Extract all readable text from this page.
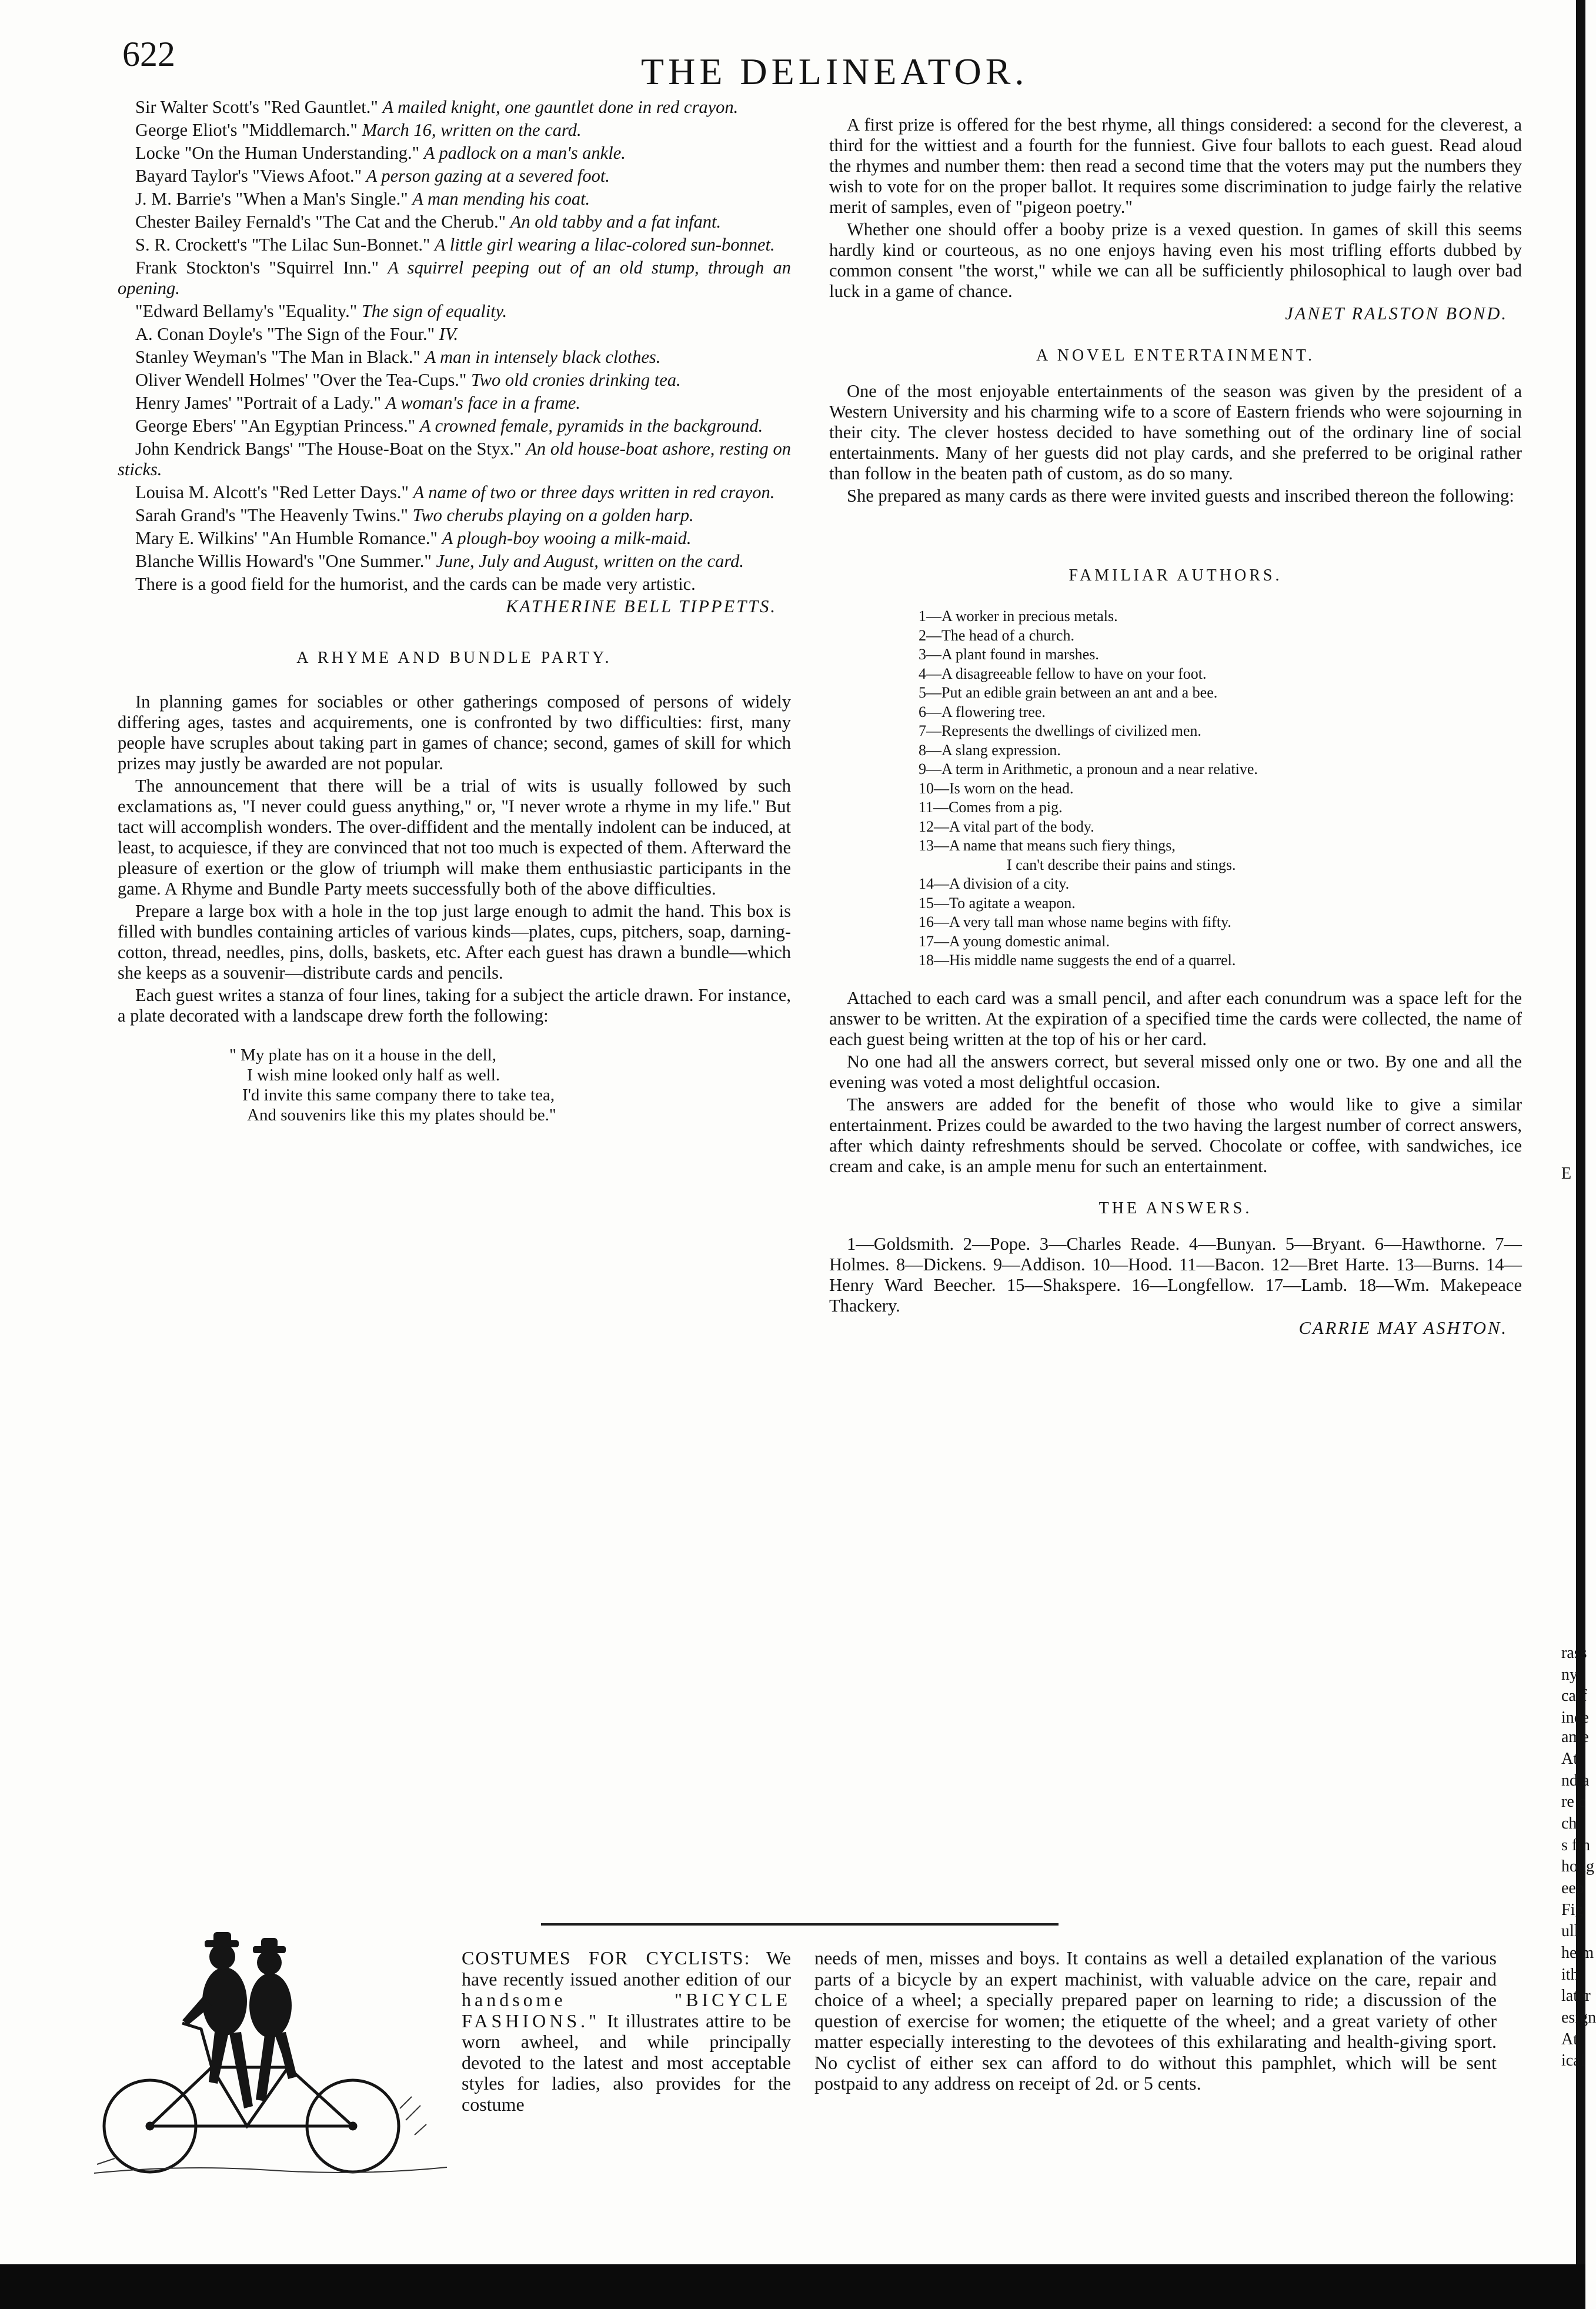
622	THE DELINEATOR.

Sir Walter Scott's "Red Gauntlet." A mailed knight, one gauntlet done in red crayon.

George Eliot's "Middlemarch." March 16, written on the card.

Locke "On the Human Understanding." A padlock on a man's ankle.

Bayard Taylor's "Views Afoot." A person gazing at a severed foot.

J. M. Barrie's "When a Man's Single." A man mending his coat.

Chester Bailey Fernald's "The Cat and the Cherub." An old tabby and a fat infant.

S. R. Crockett's "The Lilac Sun-Bonnet." A little girl wearing a lilac-colored sun-bonnet.

Frank Stockton's "Squirrel Inn." A squirrel peeping out of an old stump, through an opening.

"Edward Bellamy's "Equality." The sign of equality.

A. Conan Doyle's "The Sign of the Four." IV.

Stanley Weyman's "The Man in Black." A man in intensely black clothes.

Oliver Wendell Holmes' "Over the Tea-Cups." Two old cronies drinking tea.

Henry James' "Portrait of a Lady." A woman's face in a frame.

George Ebers' "An Egyptian Princess." A crowned female, pyramids in the background.

John Kendrick Bangs' "The House-Boat on the Styx." An old house-boat ashore, resting on sticks.

Louisa M. Alcott's "Red Letter Days." A name of two or three days written in red crayon.

Sarah Grand's "The Heavenly Twins." Two cherubs playing on a golden harp.

Mary E. Wilkins' "An Humble Romance." A plough-boy wooing a milk-maid.

Blanche Willis Howard's "One Summer." June, July and August, written on the card.

There is a good field for the humorist, and the cards can be made very artistic.

KATHERINE BELL TIPPETTS.
A RHYME AND BUNDLE PARTY.

In planning games for sociables or other gatherings composed of persons of widely differing ages, tastes and acquirements, one is confronted by two difficulties: first, many people have scruples about taking part in games of chance; second, games of skill for which prizes may justly be awarded are not popular.

The announcement that there will be a trial of wits is usually followed by such exclamations as, "I never could guess anything," or, "I never wrote a rhyme in my life." But tact will accomplish wonders. The over-diffident and the mentally indolent can be induced, at least, to acquiesce, if they are convinced that not too much is expected of them. Afterward the pleasure of exertion or the glow of triumph will make them enthusiastic participants in the game. A Rhyme and Bundle Party meets successfully both of the above difficulties.

Prepare a large box with a hole in the top just large enough to admit the hand. This box is filled with bundles containing articles of various kinds—plates, cups, pitchers, soap, darning-cotton, thread, needles, pins, dolls, baskets, etc. After each guest has drawn a bundle—which she keeps as a souvenir—distribute cards and pencils.

Each guest writes a stanza of four lines, taking for a subject the article drawn. For instance, a plate decorated with a landscape drew forth the following:

" My plate has on it a house in the dell,
I wish mine looked only half as well.
I'd invite this same company there to take tea,
And souvenirs like this my plates should be."

A first prize is offered for the best rhyme, all things considered: a second for the cleverest, a third for the wittiest and a fourth for the funniest. Give four ballots to each guest. Read aloud the rhymes and number them: then read a second time that the voters may put the numbers they wish to vote for on the proper ballot. It requires some discrimination to judge fairly the relative merit of samples, even of "pigeon poetry."

Whether one should offer a booby prize is a vexed question. In games of skill this seems hardly kind or courteous, as no one enjoys having even his most trifling efforts dubbed by common consent "the worst," while we can all be sufficiently philosophical to laugh over bad luck in a game of chance.

JANET RALSTON BOND.
A NOVEL ENTERTAINMENT.

One of the most enjoyable entertainments of the season was given by the president of a Western University and his charming wife to a score of Eastern friends who were sojourning in their city. The clever hostess decided to have something out of the ordinary line of social entertainments. Many of her guests did not play cards, and she preferred to be original rather than follow in the beaten path of custom, as do so many.

She prepared as many cards as there were invited guests and inscribed thereon the following:

FAMILIAR AUTHORS.
1—A worker in precious metals.
2—The head of a church.
3—A plant found in marshes.
4—A disagreeable fellow to have on your foot.
5—Put an edible grain between an ant and a bee.
6—A flowering tree.
7—Represents the dwellings of civilized men.
8—A slang expression.
9—A term in Arithmetic, a pronoun and a near relative.
10—Is worn on the head.
11—Comes from a pig.
12—A vital part of the body.
13—A name that means such fiery things,
I can't describe their pains and stings.
14—A division of a city.
15—To agitate a weapon.
16—A very tall man whose name begins with fifty.
17—A young domestic animal.
18—His middle name suggests the end of a quarrel.

Attached to each card was a small pencil, and after each conundrum was a space left for the answer to be written. At the expiration of a specified time the cards were collected, the name of each guest being written at the top of his or her card.

No one had all the answers correct, but several missed only one or two. By one and all the evening was voted a most delightful occasion.

The answers are added for the benefit of those who would like to give a similar entertainment. Prizes could be awarded to the two having the largest number of correct answers, after which dainty refreshments should be served. Chocolate or coffee, with sandwiches, ice cream and cake, is an ample menu for such an entertainment.

THE ANSWERS.

1—Goldsmith. 2—Pope. 3—Charles Reade. 4—Bunyan. 5—Bryant. 6—Hawthorne. 7—Holmes. 8—Dickens. 9—Addison. 10—Hood. 11—Bacon. 12—Bret Harte. 13—Burns. 14—Henry Ward Beecher. 15—Shakspere. 16—Longfellow. 17—Lamb. 18—Wm. Makepeace Thackery.

CARRIE MAY ASHTON.
COSTUMES FOR CYCLISTS: We have recently issued another edition of our handsome	"BICYCLE FASHIONS." It illustrates attire to be worn awheel, and while principally devoted to the latest and most acceptable styles for ladies, also provides for the costume
needs of men, misses and boys. It contains as well a detailed explanation of the various parts of a bicycle by an expert machinist, with valuable advice on the care, repair and choice of a wheel; a specially prepared paper on learning to ride; a discussion of the question of exercise for women; the etiquette of the wheel; and a great variety of other matter especially interesting to the devotees of this exhilarating and health-giving sport. No cyclist of either sex can afford to do without this pamphlet, which will be sent postpaid to any address on receipt of 2d. or 5 cents.
E
rass
ny
carf
ince
ame
At
nd a
re c
ch
s fin
houg
eep
Fig
ull
he m
ith
later
esign
At
ical
